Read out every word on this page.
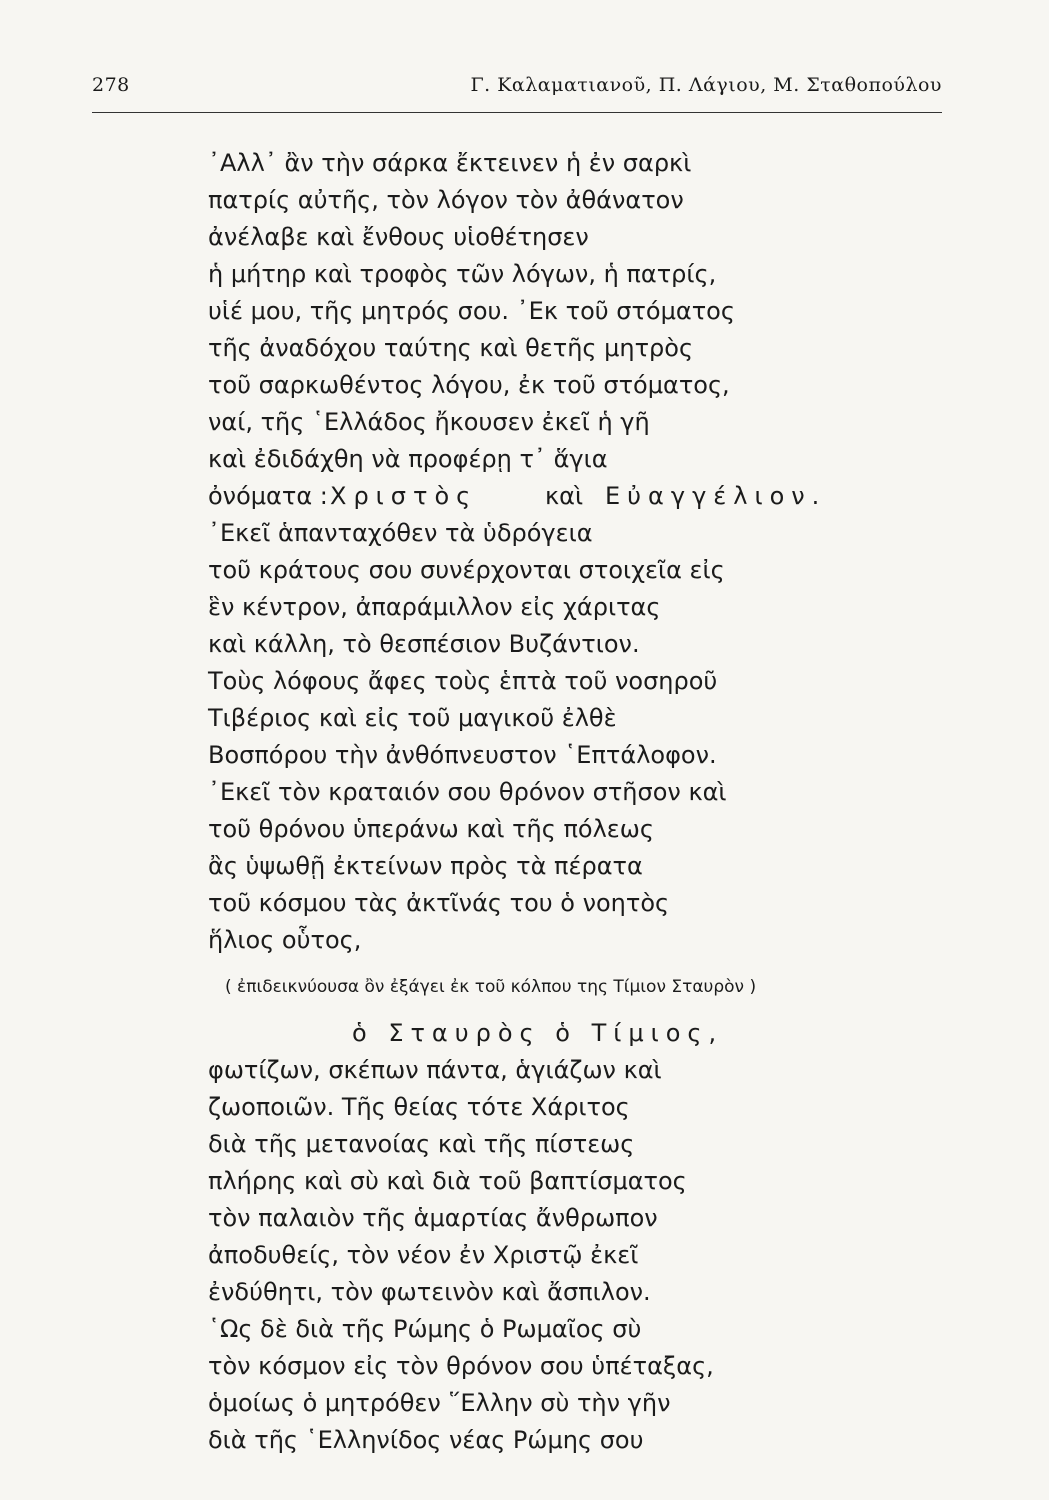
278	Γ. Καλαματιανοῦ, Π. Λάγιου, Μ. Σταθοπούλου
᾿Αλλ᾿ ἂν τὴν σάρκα ἔκτεινεν ἡ ἐν σαρκὶ
πατρίς αὐτῆς, τὸν λόγον τὸν ἀθάνατον
ἀνέλαβε καὶ ἔνθους υἱοθέτησεν
ἡ μήτηρ καὶ τροφὸς τῶν λόγων, ἡ πατρίς,
υἱέ μου, τῆς μητρός σου. ᾿Εκ τοῦ στόματος
τῆς ἀναδόχου ταύτης καὶ θετῆς μητρὸς
τοῦ σαρκωθέντος λόγου, ἐκ τοῦ στόματος,
ναί, τῆς ῾Ελλάδος ἤκουσεν ἐκεῖ ἡ γῆ
καὶ ἐδιδάχθη νὰ προφέρῃ τ᾿ ἅγια
ὀνόματα : Χριστὸς	καὶ Εὐαγγέλιον.
᾿Εκεῖ ἁπανταχόθεν τὰ ὑδρόγεια
τοῦ κράτους σου συνέρχονται στοιχεῖα εἰς
ἓν κέντρον, ἀπαράμιλλον εἰς χάριτας
καὶ κάλλη, τὸ θεσπέσιον Βυζάντιον.
Τοὺς λόφους ἄφες τοὺς ἑπτὰ τοῦ νοσηροῦ
Τιβέριος καὶ εἰς τοῦ μαγικοῦ ἐλθὲ
Βοσπόρου τὴν ἀνθόπνευστον ῾Επτάλοφον.
᾿Εκεῖ τὸν κραταιόν σου θρόνον στῆσον καὶ
τοῦ θρόνου ὑπεράνω καὶ τῆς πόλεως
ἂς ὑψωθῇ ἐκτείνων πρὸς τὰ πέρατα
τοῦ κόσμου τὰς ἀκτῖνάς του ὁ νοητὸς
ἥλιος οὗτος,
( ἐπιδεικνύουσα ὂν ἐξάγει ἐκ τοῦ κόλπου της Τίμιον Σταυρὸν )
ὁ Σταυρὸς ὁ Τίμιος,
φωτίζων, σκέπων πάντα, ἁγιάζων καὶ
ζωοποιῶν. Τῆς θείας τότε Χάριτος
διὰ τῆς μετανοίας καὶ τῆς πίστεως
πλήρης καὶ σὺ καὶ διὰ τοῦ βαπτίσματος
τὸν παλαιὸν τῆς ἁμαρτίας ἄνθρωπον
ἀποδυθείς, τὸν νέον ἐν Χριστῷ ἐκεῖ
ἐνδύθητι, τὸν φωτεινὸν καὶ ἄσπιλον.
῾Ως δὲ διὰ τῆς Ρώμης ὁ Ρωμαῖος σὺ
τὸν κόσμον εἰς τὸν θρόνον σου ὑπέταξας,
ὁμοίως ὁ μητρόθεν ῞Ελλην σὺ τὴν γῆν
διὰ τῆς ῾Ελληνίδος νέας Ρώμης σου
